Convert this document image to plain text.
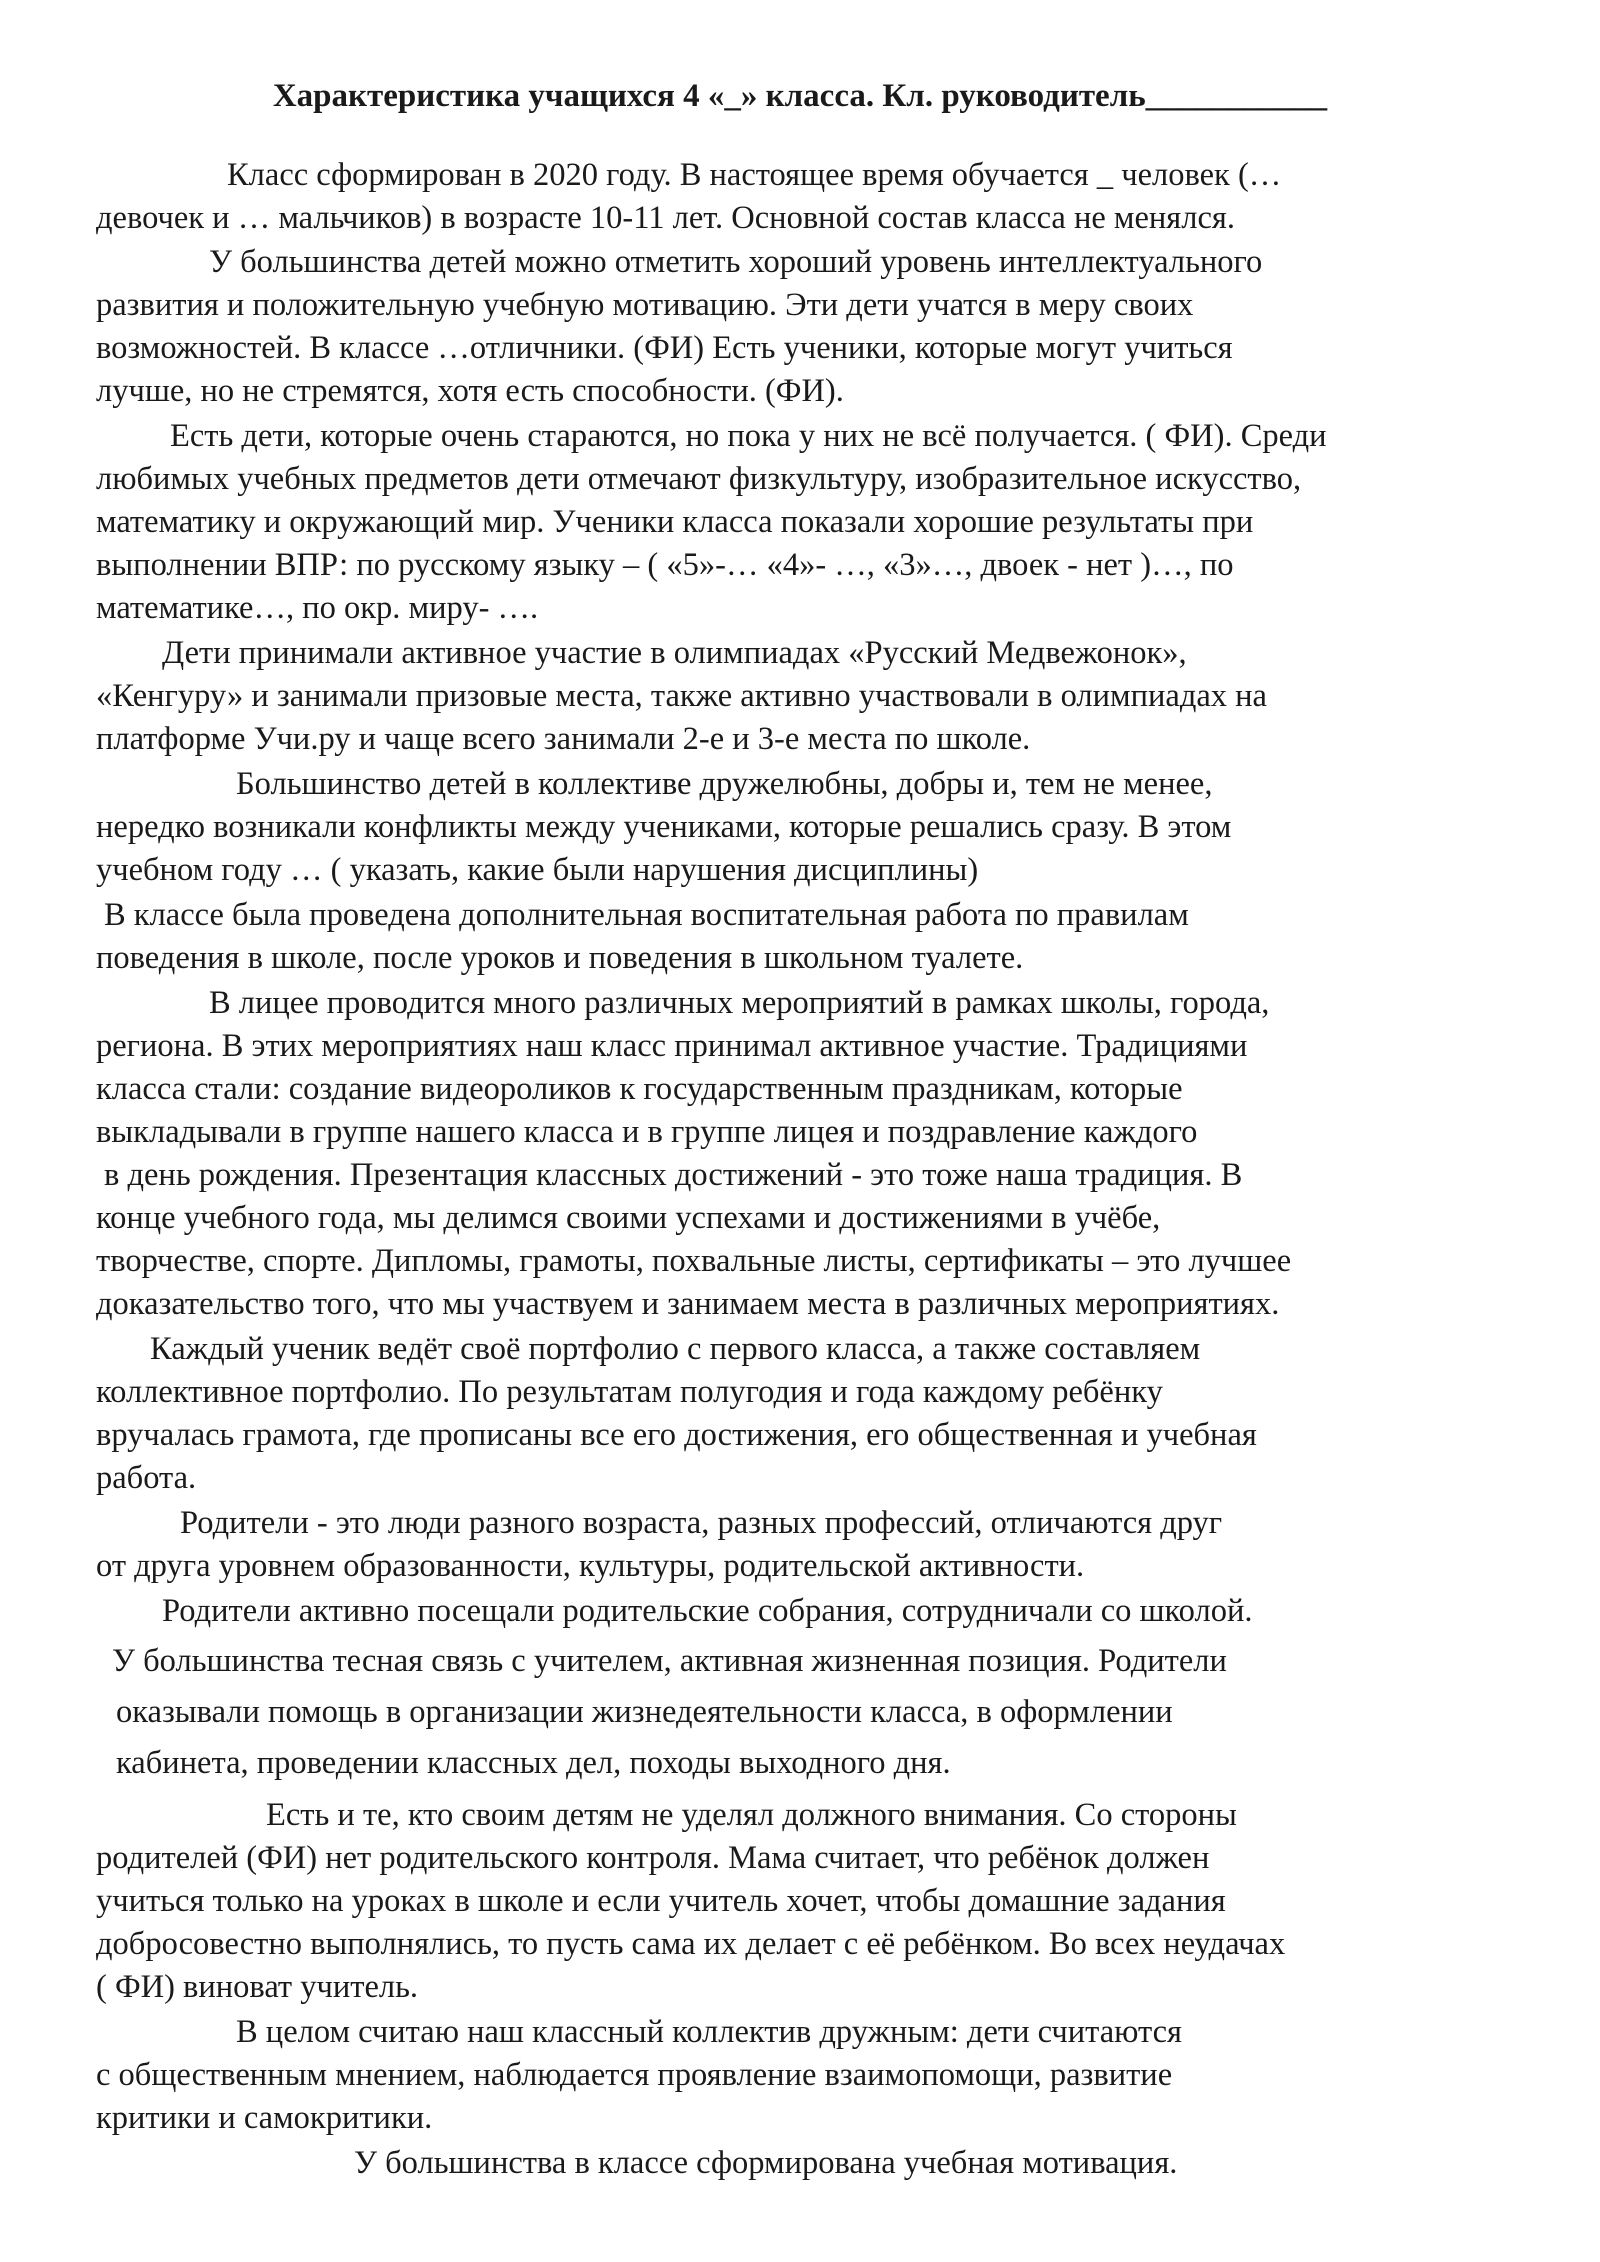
Характеристика учащихся 4 «_» класса. Кл. руководитель___________
Класс сформирован в 2020 году. В настоящее время обучается _ человек (…
девочек и … мальчиков) в возрасте 10-11 лет. Основной состав класса не менялся.
У большинства детей можно отметить хороший уровень интеллектуального
развития и положительную учебную мотивацию. Эти дети учатся в меру своих
возможностей. В классе …отличники. (ФИ) Есть ученики, которые могут учиться
лучше, но не стремятся, хотя есть способности. (ФИ).
Есть дети, которые очень стараются, но пока у них не всё получается. ( ФИ). Среди
любимых учебных предметов дети отмечают физкультуру, изобразительное искусство,
математику и окружающий мир. Ученики класса показали хорошие результаты при
выполнении ВПР: по русскому языку – ( «5»-… «4»- …, «3»…, двоек - нет )…, по
математике…, по окр. миру- ….
Дети принимали активное участие в олимпиадах «Русский Медвежонок»,
«Кенгуру» и занимали призовые места, также активно участвовали в олимпиадах на
платформе Учи.ру и чаще всего занимали 2-е и 3-е места по школе.
Большинство детей в коллективе дружелюбны, добры и, тем не менее,
нередко возникали конфликты между учениками, которые решались сразу. В этом
учебном году … ( указать, какие были нарушения дисциплины)
В классе была проведена дополнительная воспитательная работа по правилам
поведения в школе, после уроков и поведения в школьном туалете.
В лицее проводится много различных мероприятий в рамках школы, города,
региона. В этих мероприятиях наш класс принимал активное участие. Традициями
класса стали: создание видеороликов к государственным праздникам, которые
выкладывали в группе нашего класса и в группе лицея и поздравление каждого
в день рождения. Презентация классных достижений - это тоже наша традиция. В
конце учебного года, мы делимся своими успехами и достижениями в учёбе,
творчестве, спорте. Дипломы, грамоты, похвальные листы, сертификаты – это лучшее
доказательство того, что мы участвуем и занимаем места в различных мероприятиях.
Каждый ученик ведёт своё портфолио с первого класса, а также составляем
коллективное портфолио. По результатам полугодия и года каждому ребёнку
вручалась грамота, где прописаны все его достижения, его общественная и учебная
работа.
Родители - это люди разного возраста, разных профессий, отличаются друг
от друга уровнем образованности, культуры, родительской активности.
Родители активно посещали родительские собрания, сотрудничали со школой.
У большинства тесная связь с учителем, активная жизненная позиция. Родители
оказывали помощь в организации жизнедеятельности класса, в оформлении
кабинета, проведении классных дел, походы выходного дня.
Есть и те, кто своим детям не уделял должного внимания. Со стороны
родителей (ФИ) нет родительского контроля. Мама считает, что ребёнок должен
учиться только на уроках в школе и если учитель хочет, чтобы домашние задания
добросовестно выполнялись, то пусть сама их делает с её ребёнком. Во всех неудачах
( ФИ) виноват учитель.
В целом считаю наш классный коллектив дружным: дети считаются
с общественным мнением, наблюдается проявление взаимопомощи, развитие
критики и самокритики.
У большинства в классе сформирована учебная мотивация.
